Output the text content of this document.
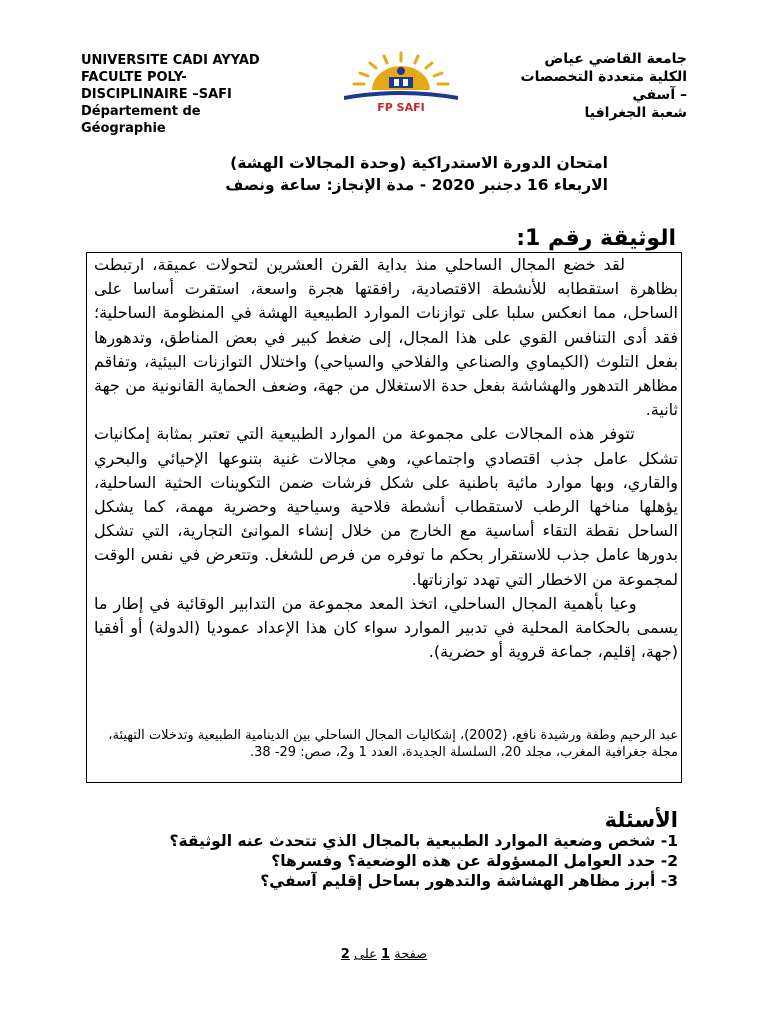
UNIVERSITE CADI AYYAD
FACULTE POLY-
DISCIPLINAIRE –SAFI
Département de
Géographie
FP SAFI
جامعة القاضي عياض
الكلية متعددة التخصصات
– آسفي
شعبة الجغرافيا
امتحان الدورة الاستدراكية (وحدة المجالات الهشة)
الاربعاء 16 دجنبر 2020 - مدة الإنجاز: ساعة ونصف
الوثيقة رقم 1:

لقد خضع المجال الساحلي منذ بداية القرن العشرين لتحولات عميقة، ارتبطت بظاهرة استقطابه للأنشطة الاقتصادية، رافقتها هجرة واسعة، استقرت أساسا على الساحل، مما انعكس سلبا على توازنات الموارد الطبيعية الهشة في المنظومة الساحلية؛ فقد أدى التنافس القوي على هذا المجال، إلى ضغط كبير في بعض المناطق، وتدهورها بفعل التلوث (الكيماوي والصناعي والفلاحي والسياحي) واختلال التوازنات البيئية، وتفاقم مظاهر التدهور والهشاشة بفعل حدة الاستغلال من جهة، وضعف الحماية القانونية من جهة ثانية.

تتوفر هذه المجالات على مجموعة من الموارد الطبيعية التي تعتبر بمثابة إمكانيات تشكل عامل جذب اقتصادي واجتماعي، وهي مجالات غنية بتنوعها الإحيائي والبحري والقاري، وبها موارد مائية باطنية على شكل فرشات ضمن التكوينات الحثية الساحلية، يؤهلها مناخها الرطب لاستقطاب أنشطة فلاحية وسياحية وحضرية مهمة، كما يشكل الساحل نقطة التقاء أساسية مع الخارج من خلال إنشاء الموانئ التجارية، التي تشكل بدورها عامل جذب للاستقرار بحكم ما توفره من فرص للشغل. وتتعرض في نفس الوقت لمجموعة من الاخطار التي تهدد توازناتها.

وعيا بأهمية المجال الساحلي، اتخذ المعد مجموعة من التدابير الوقائية في إطار ما يسمى بالحكامة المحلية في تدبير الموارد سواء كان هذا الإعداد عموديا (الدولة) أو أفقيا (جهة، إقليم، جماعة قروية أو حضرية).

عبد الرحيم وطفة ورشيدة نافع، (2002)، إشكاليات المجال الساحلي بين الدينامية الطبيعية وتدخلات التهيئة، مجلة جغرافية المغرب، مجلد 20، السلسلة الجديدة، العدد 1 و2، صص: 29- 38.
الأسئلة

1- شخص وضعية الموارد الطبيعية بالمجال الذي تتحدث عنه الوثيقة؟

2- حدد العوامل المسؤولة عن هذه الوضعية؟ وفسرها؟

3- أبرز مظاهر الهشاشة والتدهور بساحل إقليم آسفي؟

صفحة 1 على 2
